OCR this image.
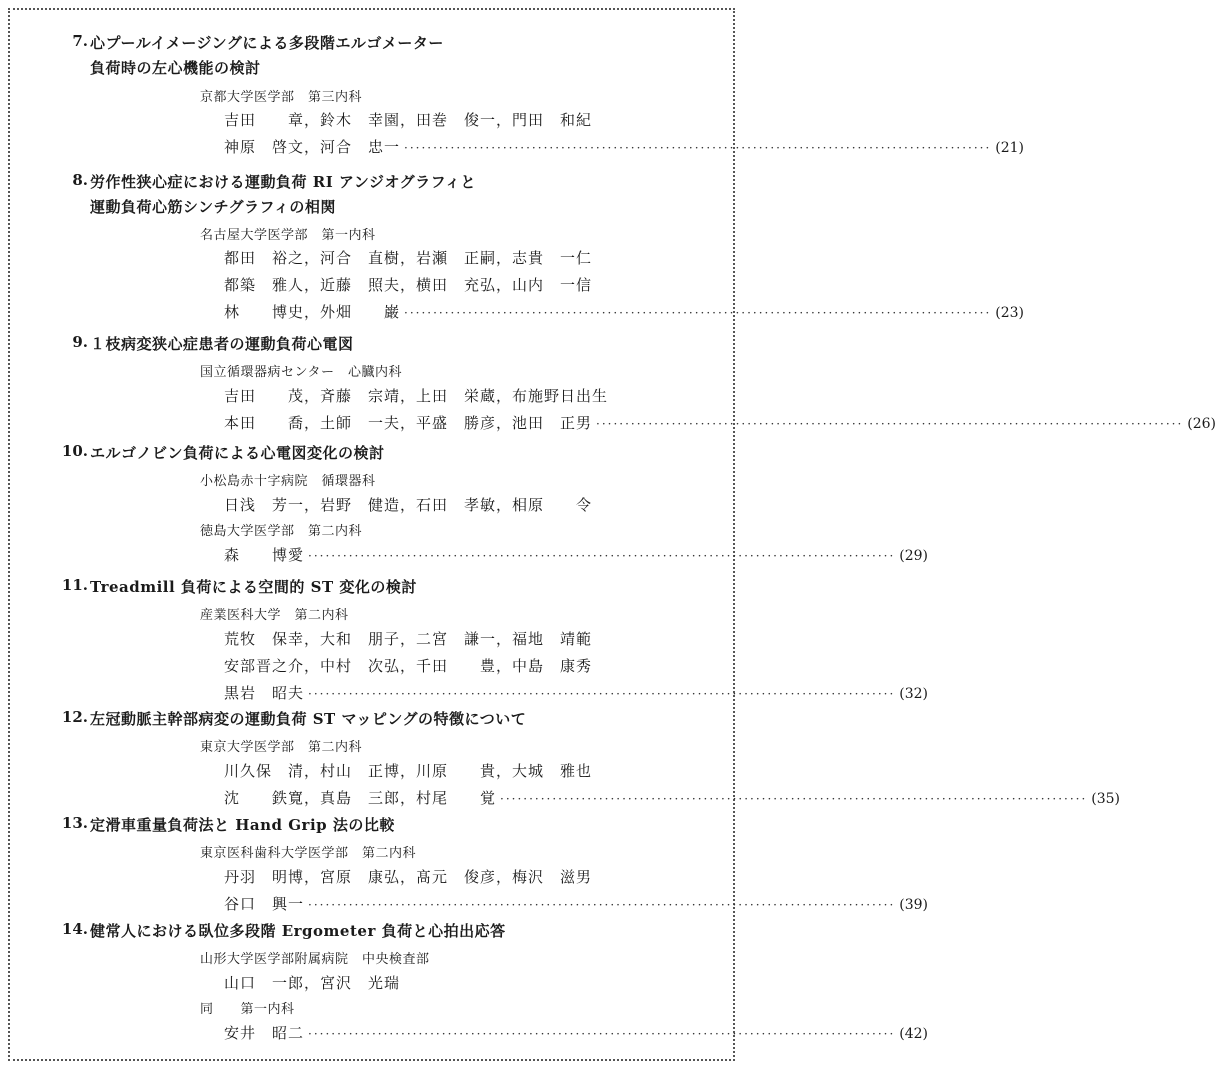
7. 心プールイメージングによる多段階エルゴメーター
負荷時の左心機能の検討
京都大学医学部　第三内科
吉田　　章，鈴木　幸園，田巻　俊一，門田　和紀
神原　啓文，河合　忠一 ····································································································· (21)
8. 労作性狭心症における運動負荷 RI アンジオグラフィと
運動負荷心筋シンチグラフィの相関
名古屋大学医学部　第一内科
都田　裕之，河合　直樹，岩瀬　正嗣，志貴　一仁
都築　雅人，近藤　照夫，横田　充弘，山内　一信
林　　博史，外畑　　巌 ····································································································· (23)
9. １枝病変狭心症患者の運動負荷心電図
国立循環器病センター　心臓内科
吉田　　茂，斉藤　宗靖，上田　栄蔵，布施野日出生
本田　　喬，土師　一夫，平盛　勝彦，池田　正男 ····································································································· (26)
10. エルゴノビン負荷による心電図変化の検討
小松島赤十字病院　循環器科
日浅　芳一，岩野　健造，石田　孝敏，相原　　令
徳島大学医学部　第二内科
森　　博愛 ····································································································· (29)
11. Treadmill 負荷による空間的 ST 変化の検討
産業医科大学　第二内科
荒牧　保幸，大和　朋子，二宮　謙一，福地　靖範
安部晋之介，中村　次弘，千田　　豊，中島　康秀
黒岩　昭夫 ····································································································· (32)
12. 左冠動脈主幹部病変の運動負荷 ST マッピングの特徴について
東京大学医学部　第二内科
川久保　清，村山　正博，川原　　貴，大城　雅也
沈　　鉄寛，真島　三郎，村尾　　覚 ····································································································· (35)
13. 定滑車重量負荷法と Hand Grip 法の比較
東京医科歯科大学医学部　第二内科
丹羽　明博，宮原　康弘，髙元　俊彦，梅沢　滋男
谷口　興一 ····································································································· (39)
14. 健常人における臥位多段階 Ergometer 負荷と心拍出応答
山形大学医学部附属病院　中央検査部
山口　一郎，宮沢　光瑞
同　　第一内科
安井　昭二 ····································································································· (42)
